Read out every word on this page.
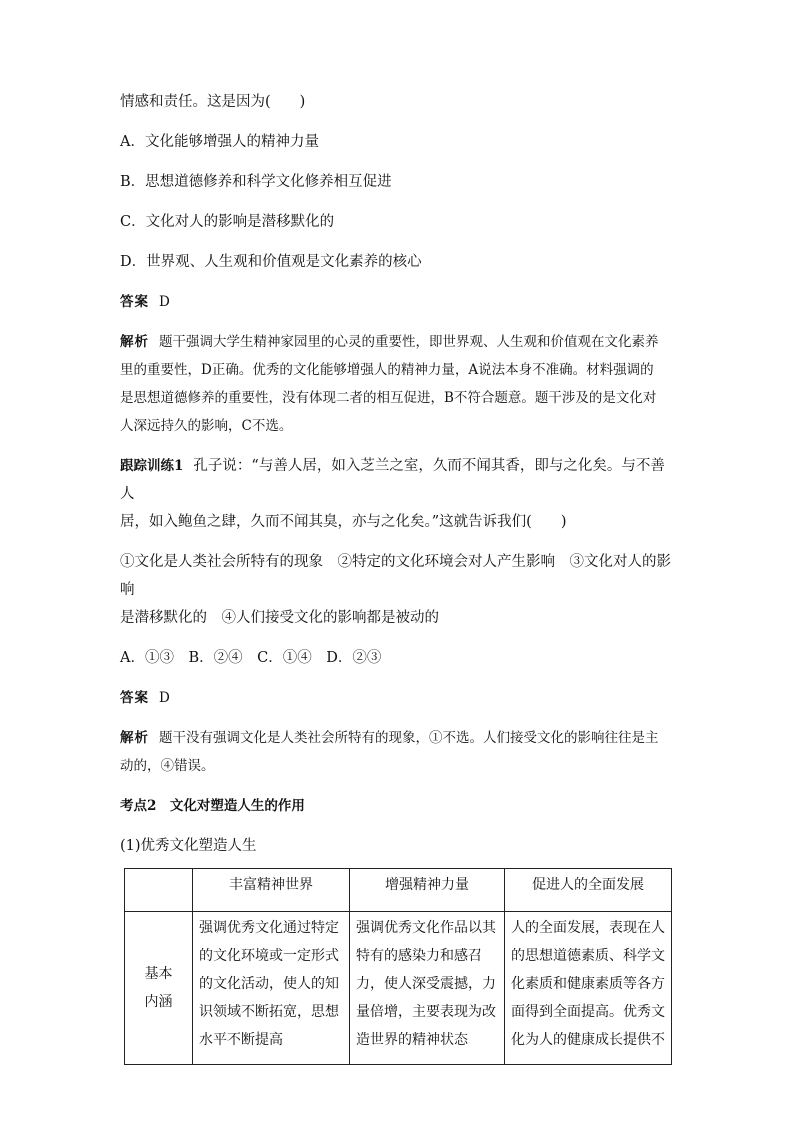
情感和责任。这是因为(　　)

A．文化能够增强人的精神力量

B．思想道德修养和科学文化修养相互促进

C．文化对人的影响是潜移默化的

D．世界观、人生观和价值观是文化素养的核心

答案 D

解析 题干强调大学生精神家园里的心灵的重要性，即世界观、人生观和价值观在文化素养

里的重要性，D正确。优秀的文化能够增强人的精神力量，A说法本身不准确。材料强调的

是思想道德修养的重要性，没有体现二者的相互促进，B不符合题意。题干涉及的是文化对

人深远持久的影响，C不选。

跟踪训练1 孔子说：“与善人居，如入芝兰之室，久而不闻其香，即与之化矣。与不善人

居，如入鲍鱼之肆，久而不闻其臭，亦与之化矣。”这就告诉我们(　　)

①文化是人类社会所特有的现象　②特定的文化环境会对人产生影响　③文化对人的影响

是潜移默化的　④人们接受文化的影响都是被动的

A．①③　B．②④　C．①④　D．②③

答案 D

解析 题干没有强调文化是人类社会所特有的现象，①不选。人们接受文化的影响往往是主

动的，④错误。

考点2　文化对塑造人生的作用

(1)优秀文化塑造人生

	丰富精神世界	增强精神力量	促进人的全面发展

基本
内涵	强调优秀文化通过特定的文化环境或一定形式的文化活动，使人的知识领域不断拓宽，思想水平不断提高	强调优秀文化作品以其特有的感染力和感召力，使人深受震撼，力量倍增，主要表现为改造世界的精神状态	人的全面发展，表现在人的思想道德素质、科学文化素质和健康素质等各方面得到全面提高。优秀文化为人的健康成长提供不
